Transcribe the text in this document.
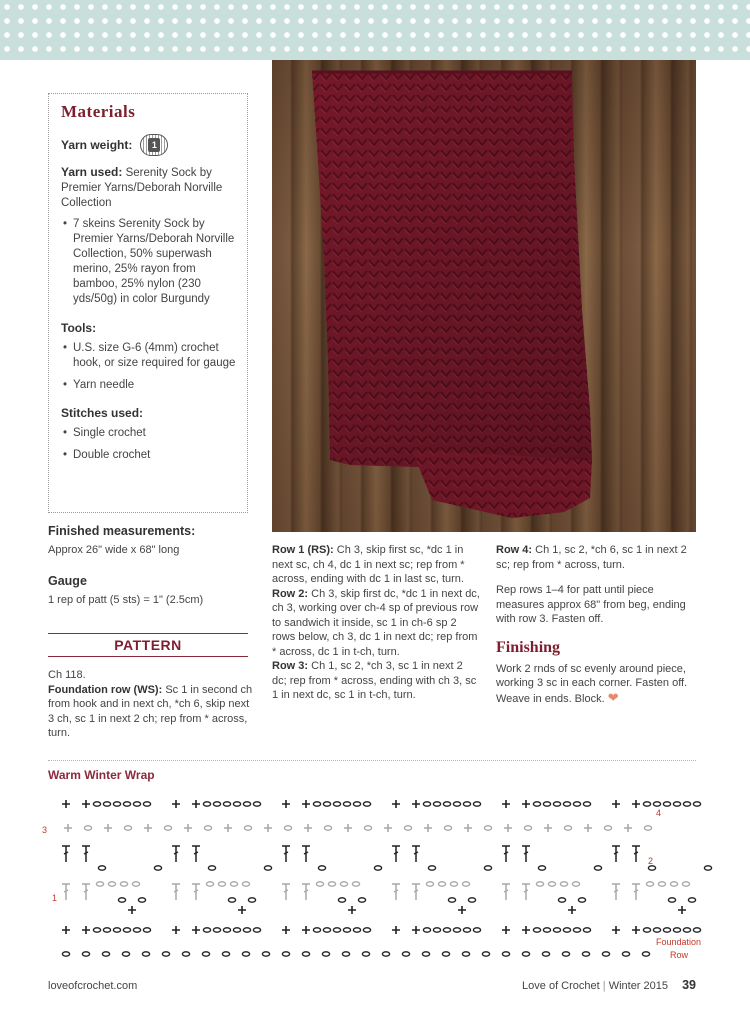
Materials
Yarn weight:	1
Yarn used: Serenity Sock by Premier Yarns/Deborah Norville Collection
• 7 skeins Serenity Sock by Premier Yarns/Deborah Norville Collection, 50% superwash merino, 25% rayon from bamboo, 25% nylon (230 yds/50g) in color Burgundy
Tools:
• U.S. size G-6 (4mm) crochet hook, or size required for gauge
• Yarn needle
Stitches used:
• Single crochet
• Double crochet
Finished measurements:
Approx 26" wide x 68" long
Gauge
1 rep of patt (5 sts) = 1" (2.5cm)
PATTERN
Ch 118.
Foundation row (WS): Sc 1 in second ch from hook and in next ch, *ch 6, skip next 3 ch, sc 1 in next 2 ch; rep from * across, turn.
Row 1 (RS): Ch 3, skip first sc, *dc 1 in next sc, ch 4, dc 1 in next sc; rep from * across, ending with dc 1 in last sc, turn.
Row 2: Ch 3, skip first dc, *dc 1 in next dc, ch 3, working over ch-4 sp of previous row to sandwich it inside, sc 1 in ch-6 sp 2 rows below, ch 3, dc 1 in next dc; rep from * across, dc 1 in t-ch, turn.
Row 3: Ch 1, sc 2, *ch 3, sc 1 in next 2 dc; rep from * across, ending with ch 3, sc 1 in next dc, sc 1 in t-ch, turn.
Row 4: Ch 1, sc 2, *ch 6, sc 1 in next 2 sc; rep from * across, turn.
Rep rows 1–4 for patt until piece measures approx 68" from beg, ending with row 3. Fasten off.
Finishing
Work 2 rnds of sc evenly around piece, working 3 sc in each corner. Fasten off. Weave in ends. Block. ❤
Warm Winter Wrap
3
1
4
2
Foundation
Row
loveofcrochet.com	Love of Crochet | Winter 2015 39
